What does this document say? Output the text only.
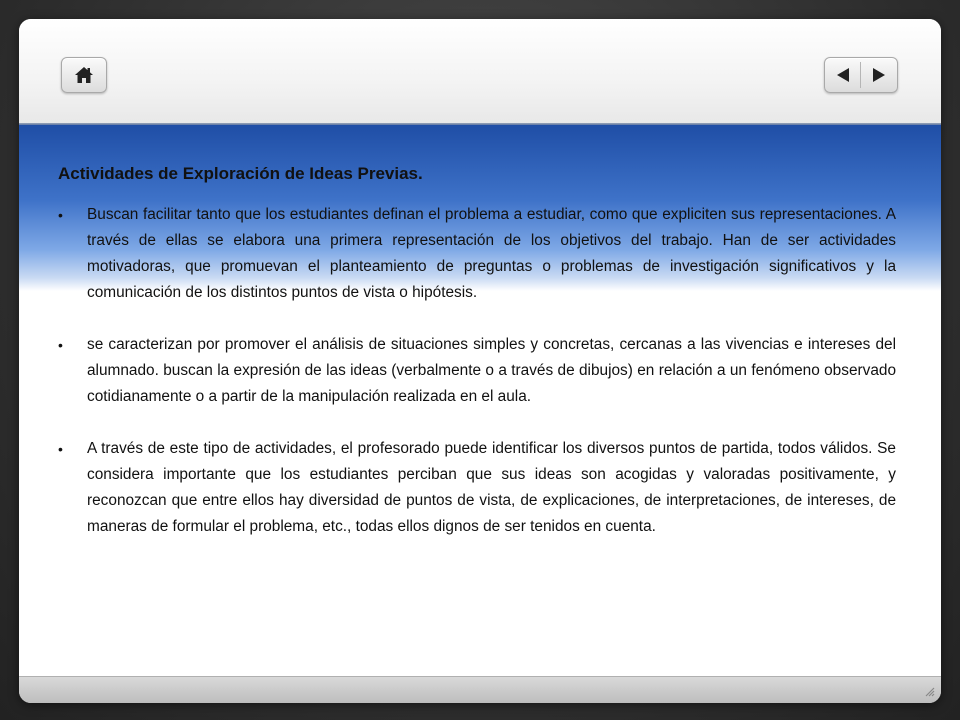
Actividades de Exploración de Ideas Previas.
• Buscan facilitar tanto que los estudiantes definan el problema a estudiar, como que expliciten sus representaciones. A través de ellas se elabora una primera representación de los objetivos del trabajo. Han de ser actividades motivadoras, que promuevan el planteamiento de preguntas o problemas de investigación significativos y la comunicación de los distintos puntos de vista o hipótesis.
• se caracterizan por promover el análisis de situaciones simples y concretas, cercanas a las vivencias e intereses del alumnado. buscan la expresión de las ideas (verbalmente o a través de dibujos) en relación a un fenómeno observado cotidianamente o a partir de la manipulación realizada en el aula.
• A través de este tipo de actividades, el profesorado puede identificar los diversos puntos de partida, todos válidos. Se considera importante que los estudiantes perciban que sus ideas son acogidas y valoradas positivamente, y reconozcan que entre ellos hay diversidad de puntos de vista, de explicaciones, de interpretaciones, de intereses, de maneras de formular el problema, etc., todas ellos dignos de ser tenidos en cuenta.
